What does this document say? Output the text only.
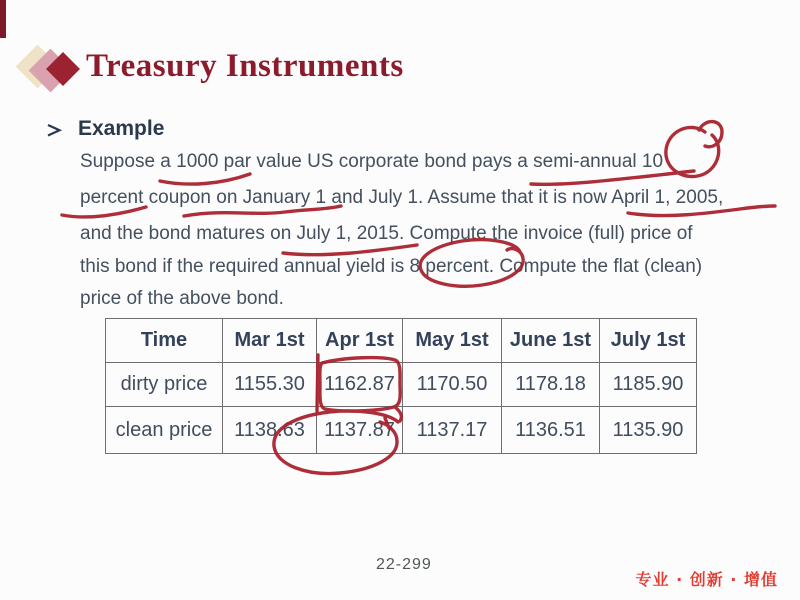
Treasury Instruments
Example
Suppose a 1000 par value US corporate bond pays a semi-annual 10
percent coupon on January 1 and July 1. Assume that it is now April 1, 2005,
and the bond matures on July 1, 2015. Compute the invoice (full) price of
this bond if the required annual yield is 8 percent. Compute the flat (clean)
price of the above bond.
Time	Mar 1st	Apr 1st	May 1st	June 1st	July 1st
dirty price	1155.30	1162.87	1170.50	1178.18	1185.90
clean price	1138.63	1137.87	1137.17	1136.51	1135.90
22-299
专业 · 创新 · 增值
